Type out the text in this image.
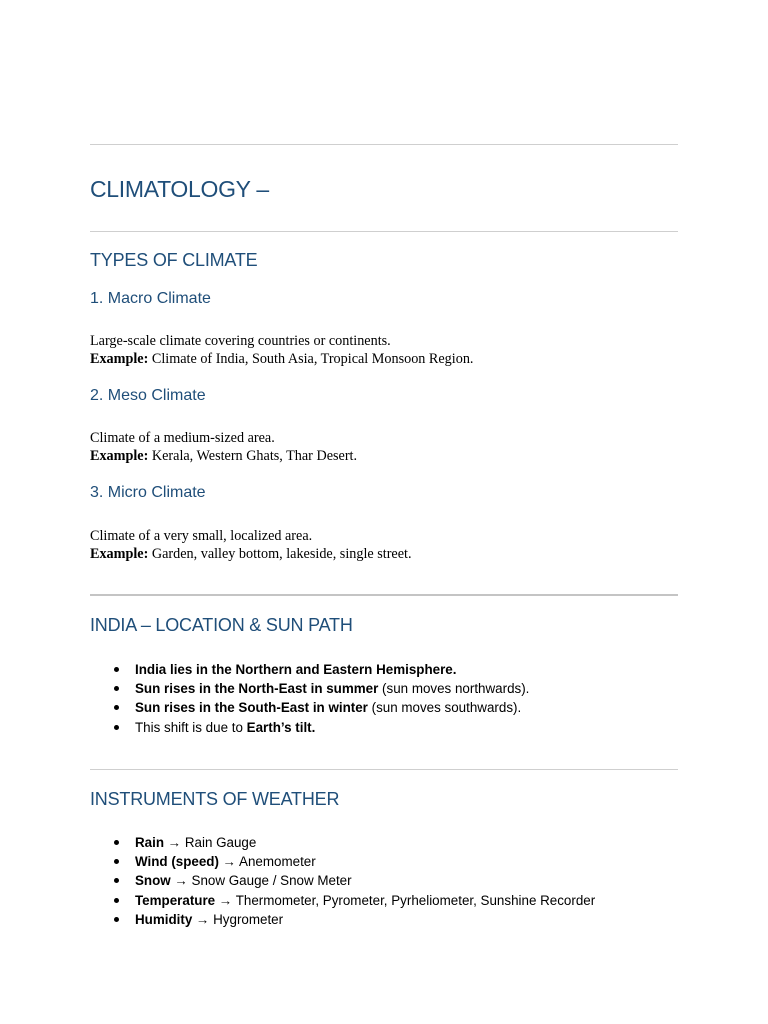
CLIMATOLOGY –
TYPES OF CLIMATE
1. Macro Climate
Large-scale climate covering countries or continents.
Example: Climate of India, South Asia, Tropical Monsoon Region.
2. Meso Climate
Climate of a medium-sized area.
Example: Kerala, Western Ghats, Thar Desert.
3. Micro Climate
Climate of a very small, localized area.
Example: Garden, valley bottom, lakeside, single street.
INDIA – LOCATION & SUN PATH
India lies in the Northern and Eastern Hemisphere.
Sun rises in the North-East in summer (sun moves northwards).
Sun rises in the South-East in winter (sun moves southwards).
This shift is due to Earth’s tilt.
INSTRUMENTS OF WEATHER
Rain → Rain Gauge
Wind (speed) → Anemometer
Snow → Snow Gauge / Snow Meter
Temperature → Thermometer, Pyrometer, Pyrheliometer, Sunshine Recorder
Humidity → Hygrometer
